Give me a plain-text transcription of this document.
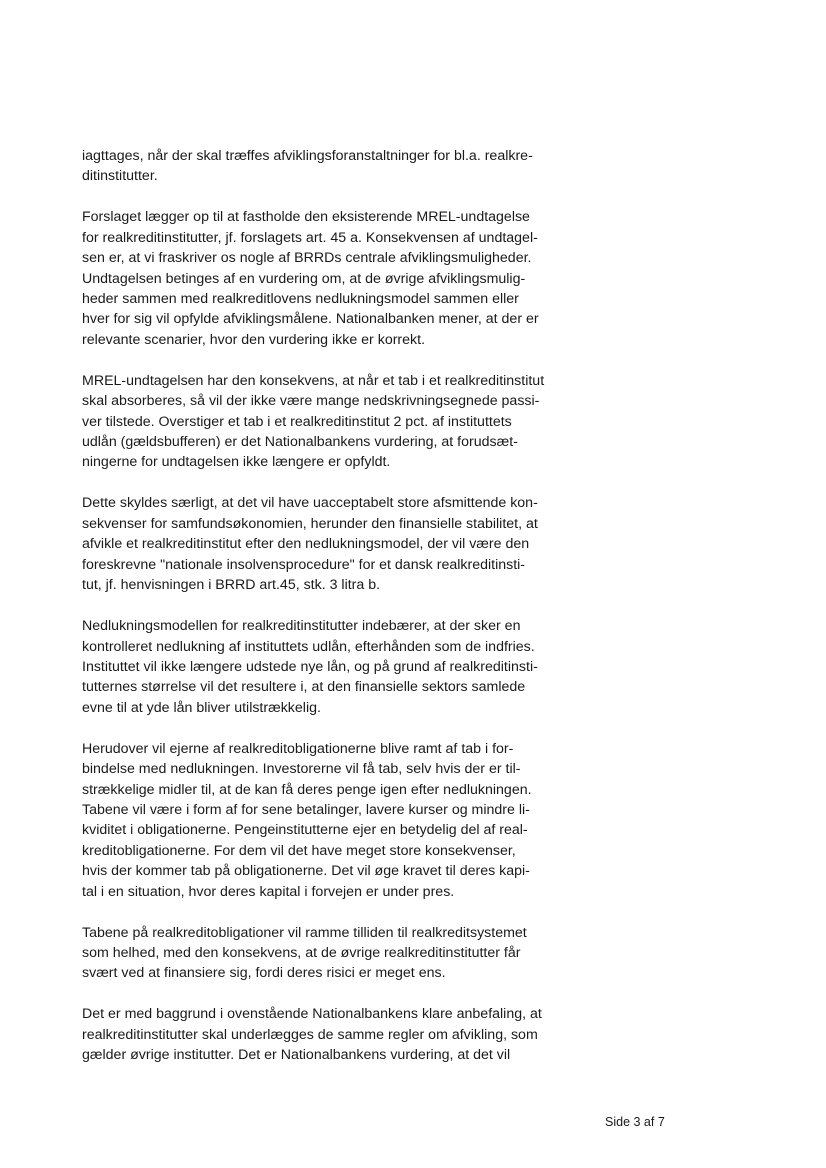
iagttages, når der skal træffes afviklingsforanstaltninger for bl.a. realkre-
ditinstitutter.
Forslaget lægger op til at fastholde den eksisterende MREL-undtagelse
for realkreditinstitutter, jf. forslagets art. 45 a. Konsekvensen af undtagel-
sen er, at vi fraskriver os nogle af BRRDs centrale afviklingsmuligheder.
Undtagelsen betinges af en vurdering om, at de øvrige afviklingsmulig-
heder sammen med realkreditlovens nedlukningsmodel sammen eller
hver for sig vil opfylde afviklingsmålene. Nationalbanken mener, at der er
relevante scenarier, hvor den vurdering ikke er korrekt.
MREL-undtagelsen har den konsekvens, at når et tab i et realkreditinstitut
skal absorberes, så vil der ikke være mange nedskrivningsegnede passi-
ver tilstede. Overstiger et tab i et realkreditinstitut 2 pct. af instituttets
udlån (gældsbufferen) er det Nationalbankens vurdering, at forudsæt-
ningerne for undtagelsen ikke længere er opfyldt.
Dette skyldes særligt, at det vil have uacceptabelt store afsmittende kon-
sekvenser for samfundsøkonomien, herunder den finansielle stabilitet, at
afvikle et realkreditinstitut efter den nedlukningsmodel, der vil være den
foreskrevne "nationale insolvensprocedure" for et dansk realkreditinsti-
tut, jf. henvisningen i BRRD art.45, stk. 3 litra b.
Nedlukningsmodellen for realkreditinstitutter indebærer, at der sker en
kontrolleret nedlukning af instituttets udlån, efterhånden som de indfries.
Instituttet vil ikke længere udstede nye lån, og på grund af realkreditinsti-
tutternes størrelse vil det resultere i, at den finansielle sektors samlede
evne til at yde lån bliver utilstrækkelig.
Herudover vil ejerne af realkreditobligationerne blive ramt af tab i for-
bindelse med nedlukningen. Investorerne vil få tab, selv hvis der er til-
strækkelige midler til, at de kan få deres penge igen efter nedlukningen.
Tabene vil være i form af for sene betalinger, lavere kurser og mindre li-
kviditet i obligationerne. Pengeinstitutterne ejer en betydelig del af real-
kreditobligationerne. For dem vil det have meget store konsekvenser,
hvis der kommer tab på obligationerne. Det vil øge kravet til deres kapi-
tal i en situation, hvor deres kapital i forvejen er under pres.
Tabene på realkreditobligationer vil ramme tilliden til realkreditsystemet
som helhed, med den konsekvens, at de øvrige realkreditinstitutter får
svært ved at finansiere sig, fordi deres risici er meget ens.
Det er med baggrund i ovenstående Nationalbankens klare anbefaling, at
realkreditinstitutter skal underlægges de samme regler om afvikling, som
gælder øvrige institutter. Det er Nationalbankens vurdering, at det vil
Side 3 af 7
